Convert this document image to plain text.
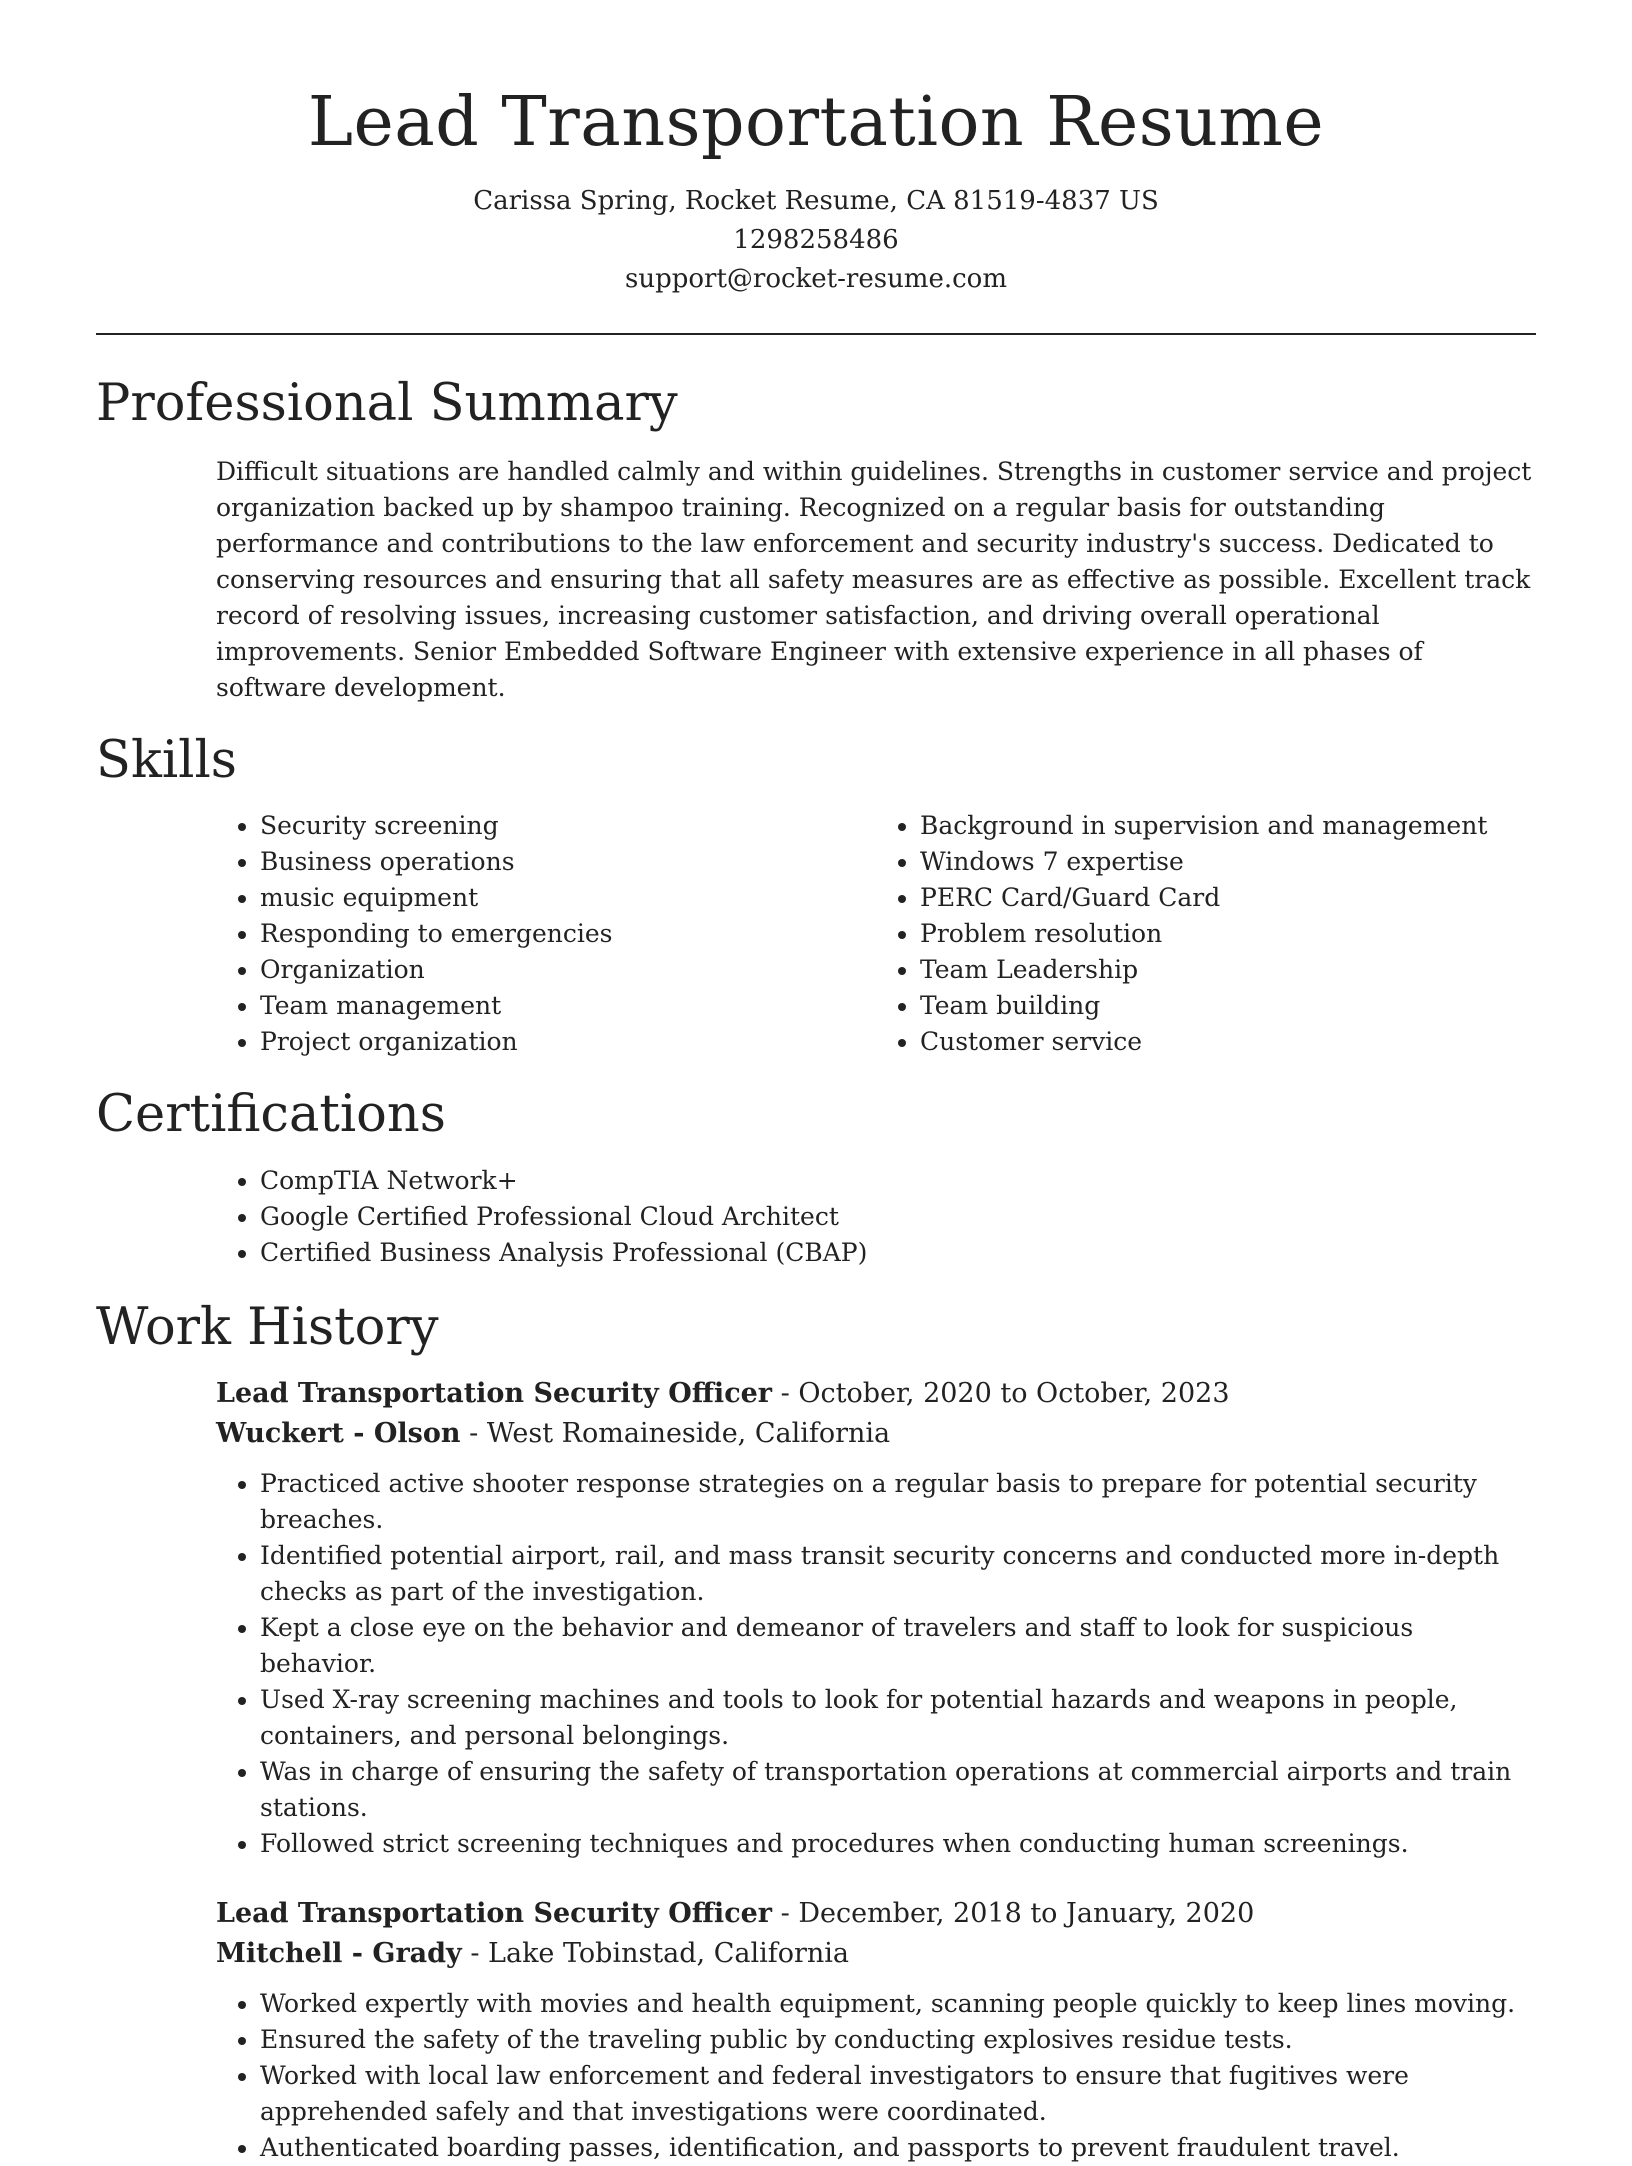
Lead Transportation Resume
Carissa Spring, Rocket Resume, CA 81519-4837 US
1298258486
support@rocket-resume.com
Professional Summary

Difficult situations are handled calmly and within guidelines. Strengths in customer service and project organization backed up by shampoo training. Recognized on a regular basis for outstanding performance and contributions to the law enforcement and security industry's success. Dedicated to conserving resources and ensuring that all safety measures are as effective as possible. Excellent track record of resolving issues, increasing customer satisfaction, and driving overall operational improvements. Senior Embedded Software Engineer with extensive experience in all phases of software development.

Skills
• Security screening
• Business operations
• music equipment
• Responding to emergencies
• Organization
• Team management
• Project organization
• Background in supervision and management
• Windows 7 expertise
• PERC Card/Guard Card
• Problem resolution
• Team Leadership
• Team building
• Customer service
Certifications
• CompTIA Network+
• Google Certified Professional Cloud Architect
• Certified Business Analysis Professional (CBAP)
Work History
Lead Transportation Security Officer - October, 2020 to October, 2023
Wuckert - Olson - West Romaineside, California
• Practiced active shooter response strategies on a regular basis to prepare for potential security breaches.
• Identified potential airport, rail, and mass transit security concerns and conducted more in-depth checks as part of the investigation.
• Kept a close eye on the behavior and demeanor of travelers and staff to look for suspicious behavior.
• Used X-ray screening machines and tools to look for potential hazards and weapons in people, containers, and personal belongings.
• Was in charge of ensuring the safety of transportation operations at commercial airports and train stations.
• Followed strict screening techniques and procedures when conducting human screenings.
Lead Transportation Security Officer - December, 2018 to January, 2020
Mitchell - Grady - Lake Tobinstad, California
• Worked expertly with movies and health equipment, scanning people quickly to keep lines moving.
• Ensured the safety of the traveling public by conducting explosives residue tests.
• Worked with local law enforcement and federal investigators to ensure that fugitives were apprehended safely and that investigations were coordinated.
• Authenticated boarding passes, identification, and passports to prevent fraudulent travel.
